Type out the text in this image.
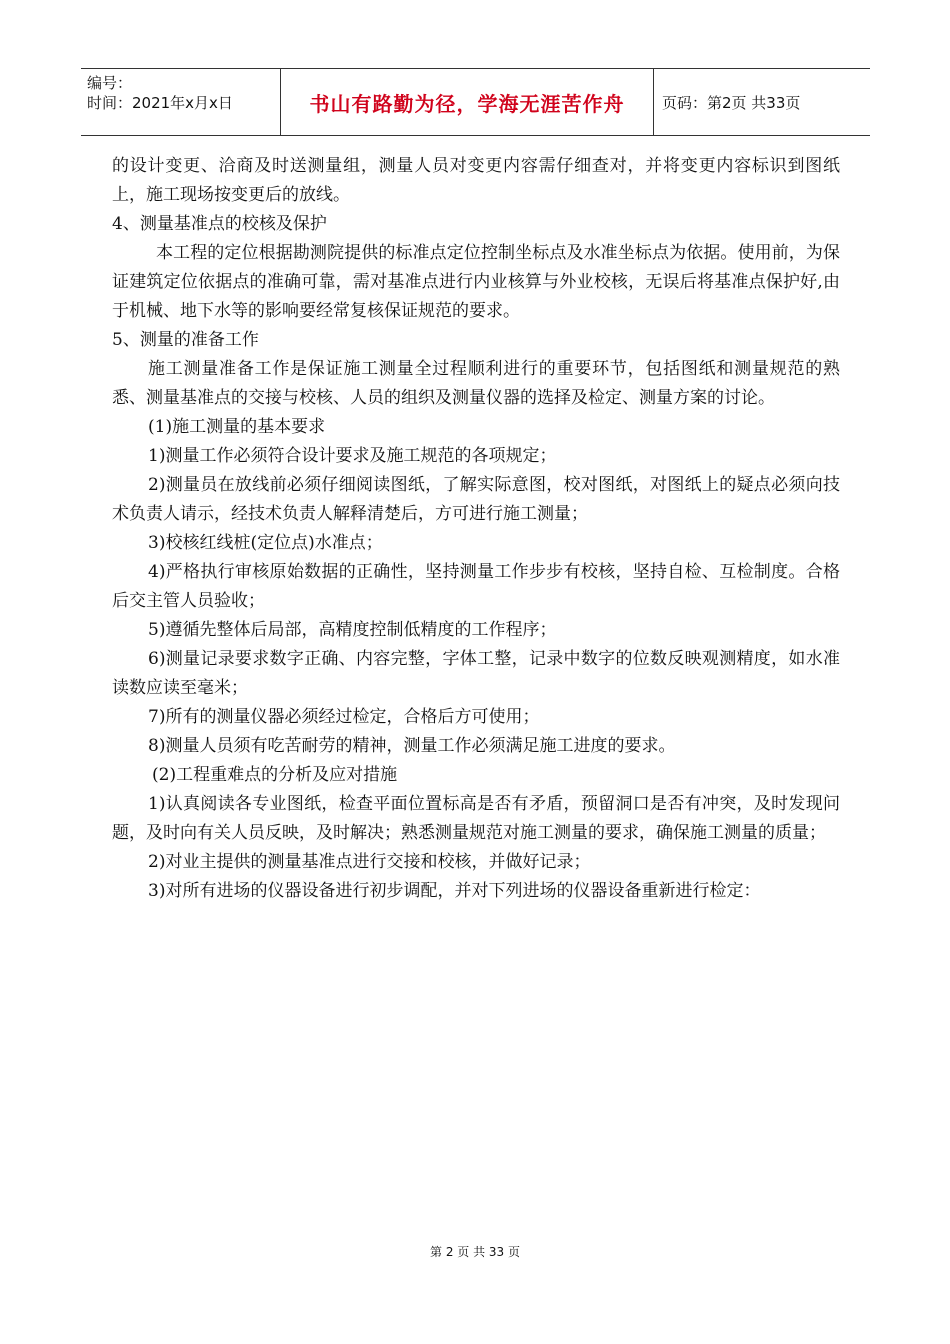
编号：
时间：2021年x月x日	书山有路勤为径，学海无涯苦作舟	页码：第2页 共33页

的设计变更、洽商及时送测量组，测量人员对变更内容需仔细查对，并将变更内容标识到图纸上，施工现场按变更后的放线。

4、测量基准点的校核及保护

本工程的定位根据勘测院提供的标准点定位控制坐标点及水准坐标点为依据。使用前，为保证建筑定位依据点的准确可靠，需对基准点进行内业核算与外业校核，无误后将基准点保护好,由于机械、地下水等的影响要经常复核保证规范的要求。

5、测量的准备工作

施工测量准备工作是保证施工测量全过程顺利进行的重要环节，包括图纸和测量规范的熟悉、测量基准点的交接与校核、人员的组织及测量仪器的选择及检定、测量方案的讨论。

(1)施工测量的基本要求

1)测量工作必须符合设计要求及施工规范的各项规定；

2)测量员在放线前必须仔细阅读图纸，了解实际意图，校对图纸，对图纸上的疑点必须向技术负责人请示，经技术负责人解释清楚后，方可进行施工测量；

3)校核红线桩(定位点)水准点；

4)严格执行审核原始数据的正确性，坚持测量工作步步有校核，坚持自检、互检制度。合格后交主管人员验收；

5)遵循先整体后局部，高精度控制低精度的工作程序；

6)测量记录要求数字正确、内容完整，字体工整，记录中数字的位数反映观测精度，如水准读数应读至毫米；

7)所有的测量仪器必须经过检定，合格后方可使用；

8)测量人员须有吃苦耐劳的精神，测量工作必须满足施工进度的要求。

(2)工程重难点的分析及应对措施

1)认真阅读各专业图纸，检查平面位置标高是否有矛盾，预留洞口是否有冲突，及时发现问题，及时向有关人员反映，及时解决；熟悉测量规范对施工测量的要求，确保施工测量的质量；

2)对业主提供的测量基准点进行交接和校核，并做好记录；

3)对所有进场的仪器设备进行初步调配，并对下列进场的仪器设备重新进行检定：

第 2 页 共 33 页
